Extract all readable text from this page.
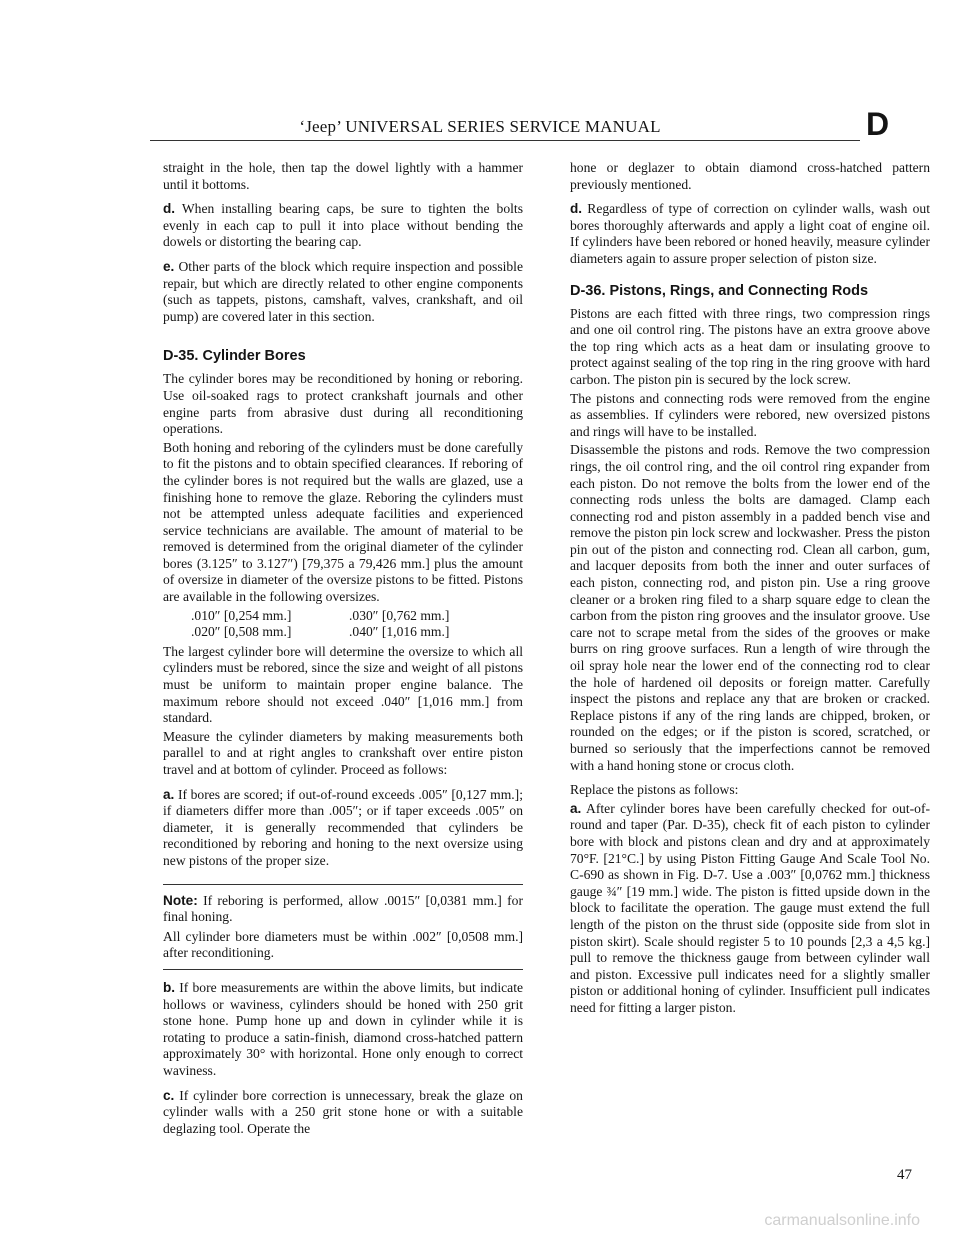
‘Jeep’ UNIVERSAL SERIES SERVICE MANUAL	D

straight in the hole, then tap the dowel lightly with a hammer until it bottoms.

d. When installing bearing caps, be sure to tighten the bolts evenly in each cap to pull it into place without bending the dowels or distorting the bearing cap.

e. Other parts of the block which require inspection and possible repair, but which are directly related to other engine components (such as tappets, pistons, camshaft, valves, crankshaft, and oil pump) are covered later in this section.

D-35. Cylinder Bores

The cylinder bores may be reconditioned by honing or reboring. Use oil-soaked rags to protect crankshaft journals and other engine parts from abrasive dust during all reconditioning operations.

Both honing and reboring of the cylinders must be done carefully to fit the pistons and to obtain specified clearances. If reboring of the cylinder bores is not required but the walls are glazed, use a finishing hone to remove the glaze. Reboring the cylinders must not be attempted unless adequate facilities and experienced service technicians are available. The amount of material to be removed is determined from the original diameter of the cylinder bores (3.125″ to 3.127″) [79,375 a 79,426 mm.] plus the amount of oversize in diameter of the oversize pistons to be fitted. Pistons are available in the following oversizes.

.010″ [0,254 mm.]	.030″ [0,762 mm.]
.020″ [0,508 mm.]	.040″ [1,016 mm.]

The largest cylinder bore will determine the oversize to which all cylinders must be rebored, since the size and weight of all pistons must be uniform to maintain proper engine balance. The maximum rebore should not exceed .040″ [1,016 mm.] from standard.

Measure the cylinder diameters by making measurements both parallel to and at right angles to crankshaft over entire piston travel and at bottom of cylinder. Proceed as follows:

a. If bores are scored; if out-of-round exceeds .005″ [0,127 mm.]; if diameters differ more than .005″; or if taper exceeds .005″ on diameter, it is generally recommended that cylinders be reconditioned by reboring and honing to the next oversize using new pistons of the proper size.

Note: If reboring is performed, allow .0015″ [0,0381 mm.] for final honing.

All cylinder bore diameters must be within .002″ [0,0508 mm.] after reconditioning.

b. If bore measurements are within the above limits, but indicate hollows or waviness, cylinders should be honed with 250 grit stone hone. Pump hone up and down in cylinder while it is rotating to produce a satin-finish, diamond cross-hatched pattern approximately 30° with horizontal. Hone only enough to correct waviness.

c. If cylinder bore correction is unnecessary, break the glaze on cylinder walls with a 250 grit stone hone or with a suitable deglazing tool. Operate the

hone or deglazer to obtain diamond cross-hatched pattern previously mentioned.

d. Regardless of type of correction on cylinder walls, wash out bores thoroughly afterwards and apply a light coat of engine oil. If cylinders have been rebored or honed heavily, measure cylinder diameters again to assure proper selection of piston size.

D-36. Pistons, Rings, and Connecting Rods

Pistons are each fitted with three rings, two compression rings and one oil control ring. The pistons have an extra groove above the top ring which acts as a heat dam or insulating groove to protect against sealing of the top ring in the ring groove with hard carbon. The piston pin is secured by the lock screw.

The pistons and connecting rods were removed from the engine as assemblies. If cylinders were rebored, new oversized pistons and rings will have to be installed.

Disassemble the pistons and rods. Remove the two compression rings, the oil control ring, and the oil control ring expander from each piston. Do not remove the bolts from the lower end of the connecting rods unless the bolts are damaged. Clamp each connecting rod and piston assembly in a padded bench vise and remove the piston pin lock screw and lockwasher. Press the piston pin out of the piston and connecting rod. Clean all carbon, gum, and lacquer deposits from both the inner and outer surfaces of each piston, connecting rod, and piston pin. Use a ring groove cleaner or a broken ring filed to a sharp square edge to clean the carbon from the piston ring grooves and the insulator groove. Use care not to scrape metal from the sides of the grooves or make burrs on ring groove surfaces. Run a length of wire through the oil spray hole near the lower end of the connecting rod to clear the hole of hardened oil deposits or foreign matter. Carefully inspect the pistons and replace any that are broken or cracked. Replace pistons if any of the ring lands are chipped, broken, or rounded on the edges; or if the piston is scored, scratched, or burned so seriously that the imperfections cannot be removed with a hand honing stone or crocus cloth.

Replace the pistons as follows:

a. After cylinder bores have been carefully checked for out-of-round and taper (Par. D-35), check fit of each piston to cylinder bore with block and pistons clean and dry and at approximately 70°F. [21°C.] by using Piston Fitting Gauge And Scale Tool No. C-690 as shown in Fig. D-7. Use a .003″ [0,0762 mm.] thickness gauge ¾″ [19 mm.] wide. The piston is fitted upside down in the block to facilitate the operation. The gauge must extend the full length of the piston on the thrust side (opposite side from slot in piston skirt). Scale should register 5 to 10 pounds [2,3 a 4,5 kg.] pull to remove the thickness gauge from between cylinder wall and piston. Excessive pull indicates need for a slightly smaller piston or additional honing of cylinder. Insufficient pull indicates need for fitting a larger piston.

47
carmanualsonline.info
